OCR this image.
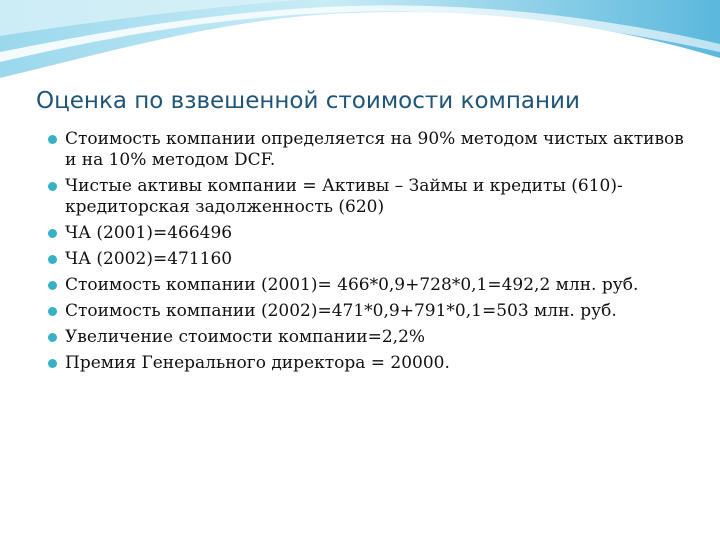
Оценка по взвешенной стоимости компании
Стоимость компании определяется на 90% методом чистых активов и на 10% методом DCF.
Чистые активы компании = Активы – Займы и кредиты (610)- кредиторская задолженность (620)
ЧА (2001)=466496
ЧА (2002)=471160
Стоимость компании (2001)= 466*0,9+728*0,1=492,2 млн. руб.
Стоимость компании (2002)=471*0,9+791*0,1=503 млн. руб.
Увеличение стоимости компании=2,2%
Премия Генерального директора = 20000.
